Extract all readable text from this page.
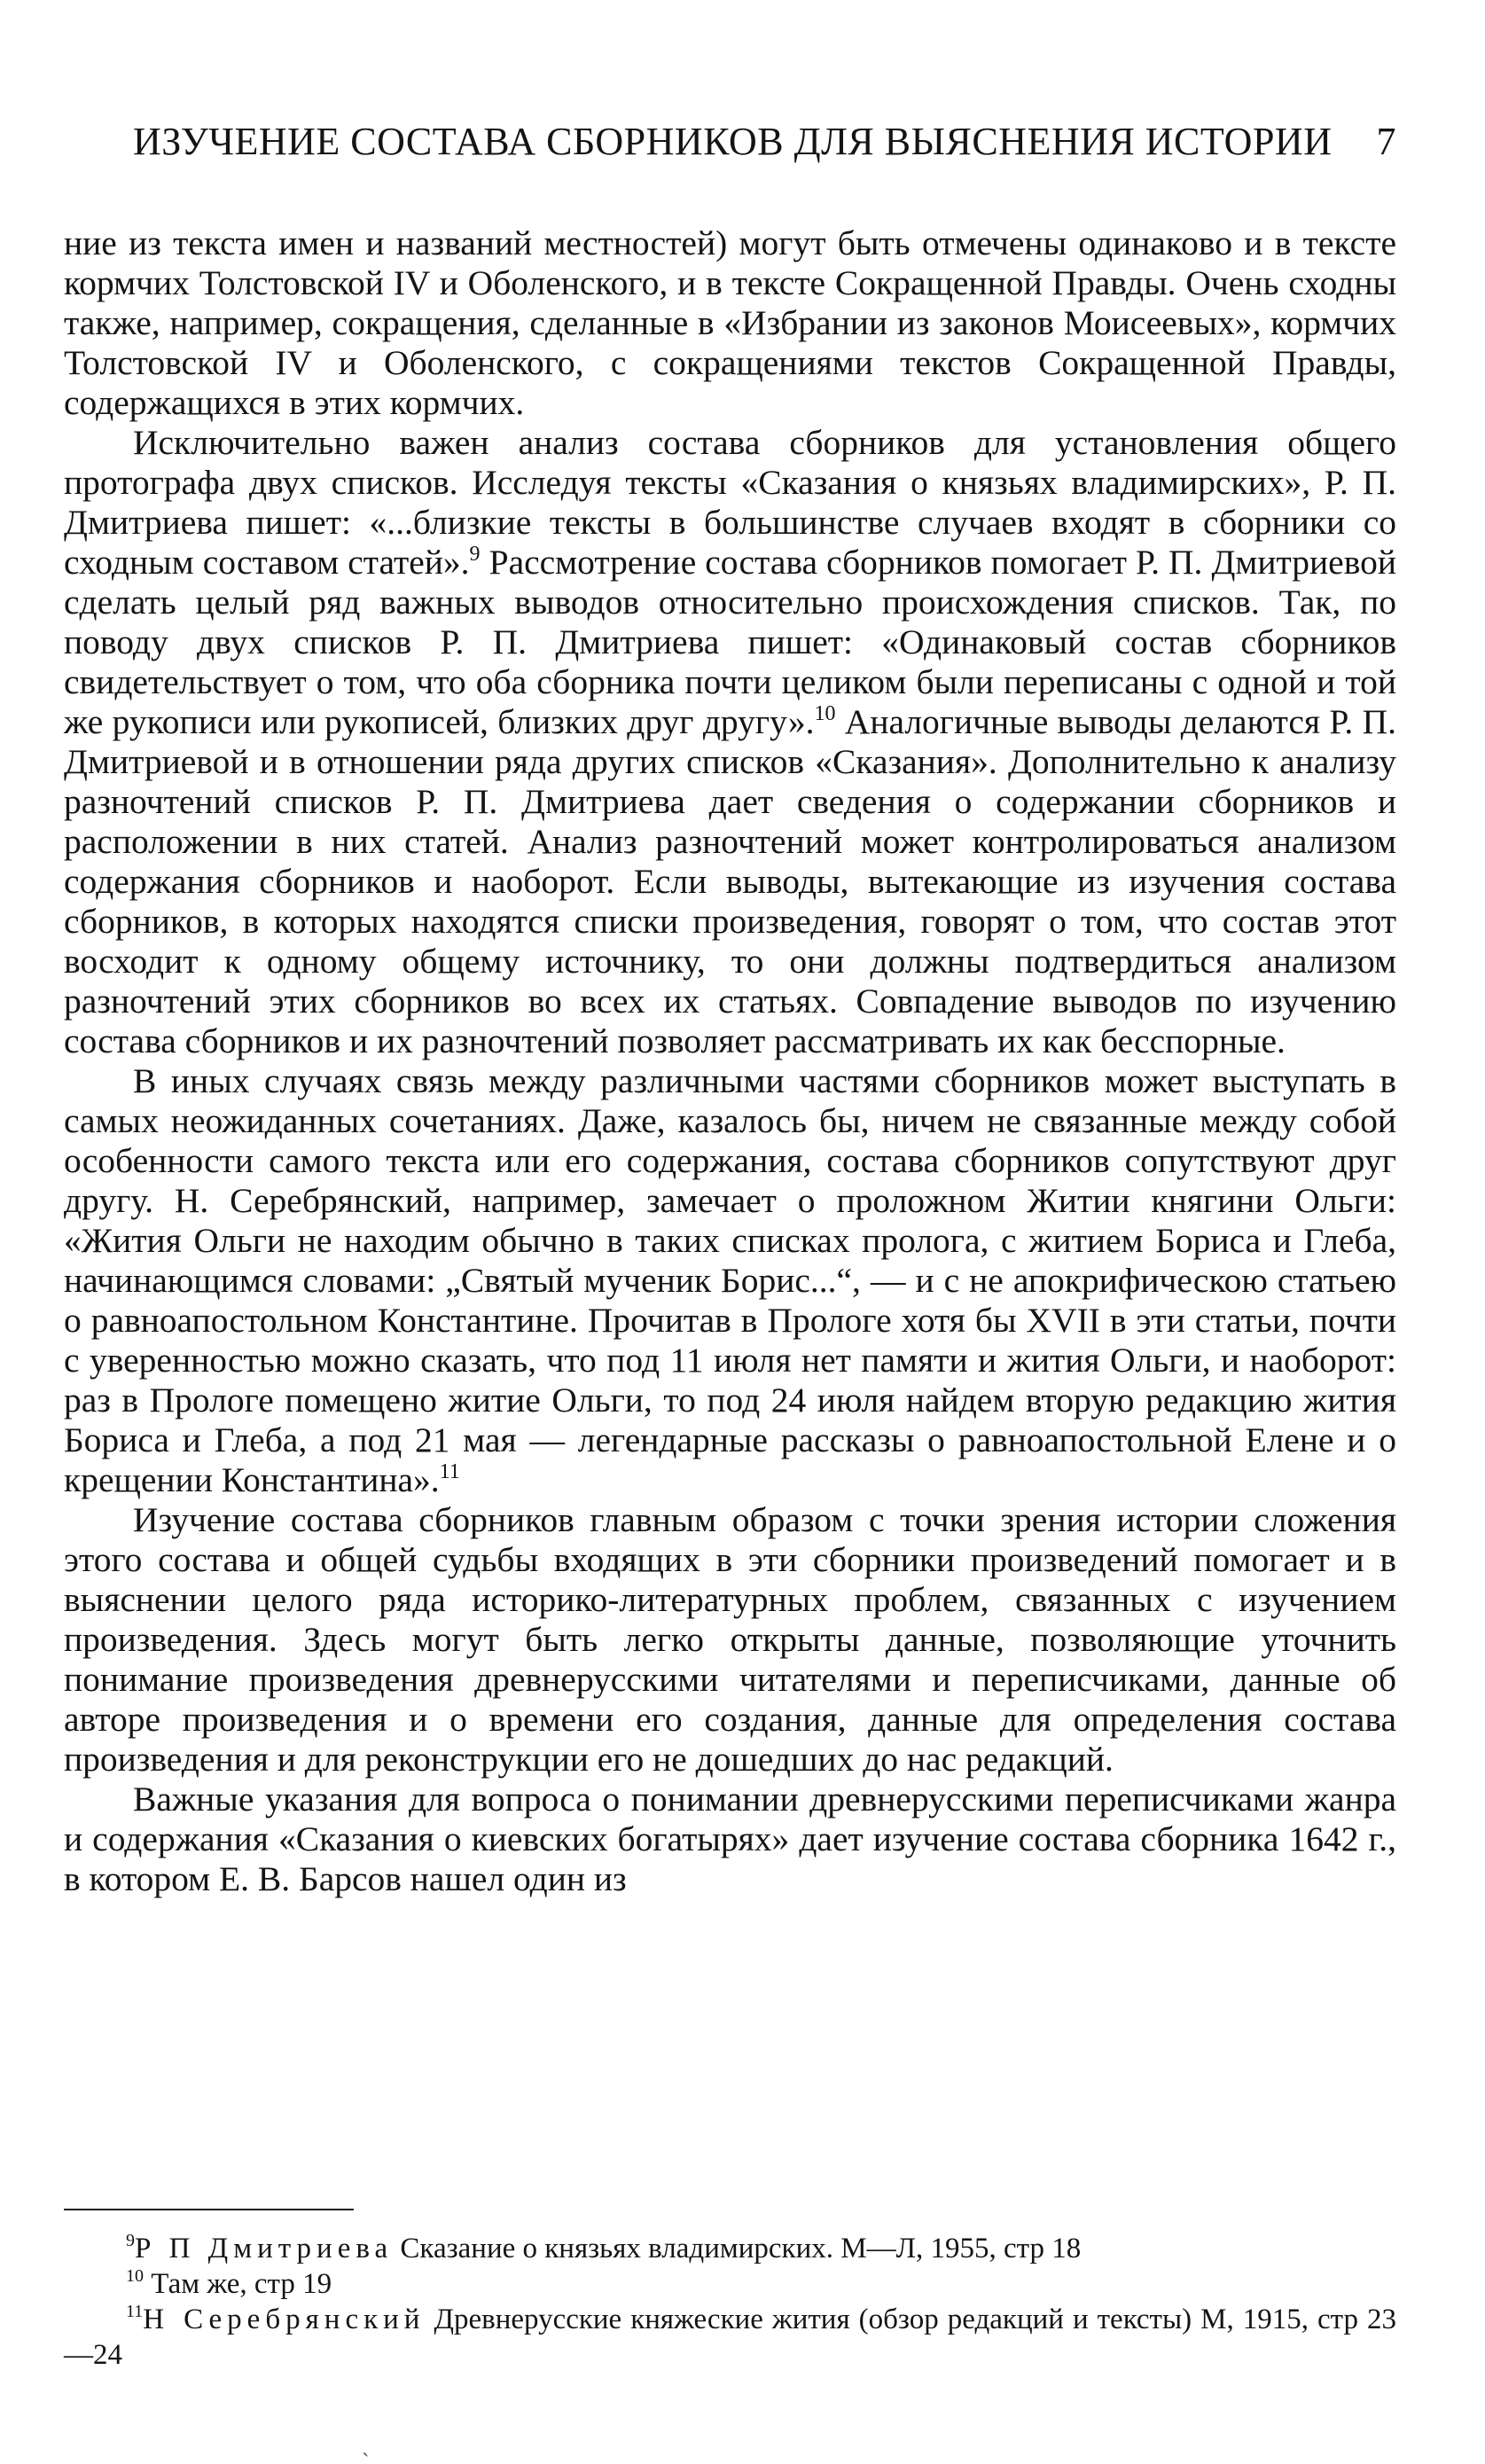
ИЗУЧЕНИЕ СОСТАВА СБОРНИКОВ ДЛЯ ВЫЯСНЕНИЯ ИСТОРИИ 7

ние из текста имен и названий местностей) могут быть отмечены одинаково и в тексте кормчих Толстовской IV и Оболенского, и в тексте Сокращенной Правды. Очень сходны также, например, сокращения, сделанные в «Избрании из законов Моисеевых», кормчих Толстовской IV и Оболенского, с сокращениями текстов Сокращенной Правды, содержащихся в этих кормчих.

Исключительно важен анализ состава сборников для установления общего протографа двух списков. Исследуя тексты «Сказания о князьях владимирских», Р. П. Дмитриева пишет: «...близкие тексты в большинстве случаев входят в сборники со сходным составом статей».$^9$ Рассмотрение состава сборников помогает Р. П. Дмитриевой сделать целый ряд важных выводов относительно происхождения списков. Так, по поводу двух списков Р. П. Дмитриева пишет: «Одинаковый состав сборников свидетельствует о том, что оба сборника почти целиком были переписаны с одной и той же рукописи или рукописей, близких друг другу».$^{10}$ Аналогичные выводы делаются Р. П. Дмитриевой и в отношении ряда других списков «Сказания». Дополнительно к анализу разночтений списков Р. П. Дмитриева дает сведения о содержании сборников и расположении в них статей. Анализ разночтений может контролироваться анализом содержания сборников и наоборот. Если выводы, вытекающие из изучения состава сборников, в которых находятся списки произведения, говорят о том, что состав этот восходит к одному общему источнику, то они должны подтвердиться анализом разночтений этих сборников во всех их статьях. Совпадение выводов по изучению состава сборников и их разночтений позволяет рассматривать их как бесспорные.

В иных случаях связь между различными частями сборников может выступать в самых неожиданных сочетаниях. Даже, казалось бы, ничем не связанные между собой особенности самого текста или его содержания, состава сборников сопутствуют друг другу. Н. Серебрянский, например, замечает о проложном Житии княгини Ольги: «Жития Ольги не находим обычно в таких списках пролога, с житием Бориса и Глеба, начинающимся словами: „Святый мученик Борис...“, — и с не апокрифическою статьею о равноапостольном Константине. Прочитав в Прологе хотя бы XVII в эти статьи, почти с уверенностью можно сказать, что под 11 июля нет памяти и жития Ольги, и наоборот: раз в Прологе помещено житие Ольги, то под 24 июля найдем вторую редакцию жития Бориса и Глеба, а под 21 мая — легендарные рассказы о равноапостольной Елене и о крещении Константина».$^{11}$

Изучение состава сборников главным образом с точки зрения истории сложения этого состава и общей судьбы входящих в эти сборники произведений помогает и в выяснении целого ряда историко-литературных проблем, связанных с изучением произведения. Здесь могут быть легко открыты данные, позволяющие уточнить понимание произведения древнерусскими читателями и переписчиками, данные об авторе произведения и о времени его создания, данные для определения состава произведения и для реконструкции его не дошедших до нас редакций.

Важные указания для вопроса о понимании древнерусскими переписчиками жанра и содержания «Сказания о киевских богатырях» дает изучение состава сборника 1642 г., в котором Е. В. Барсов нашел один из

$^9$Р П Дмитриева Сказание о князьях владимирских. М—Л, 1955, стр 18

$^{10}$ Там же, стр 19

$^{11}$Н Серебрянский Древнерусские княжеские жития (обзор редакций и тексты) М, 1915, стр 23—24

ˏ
